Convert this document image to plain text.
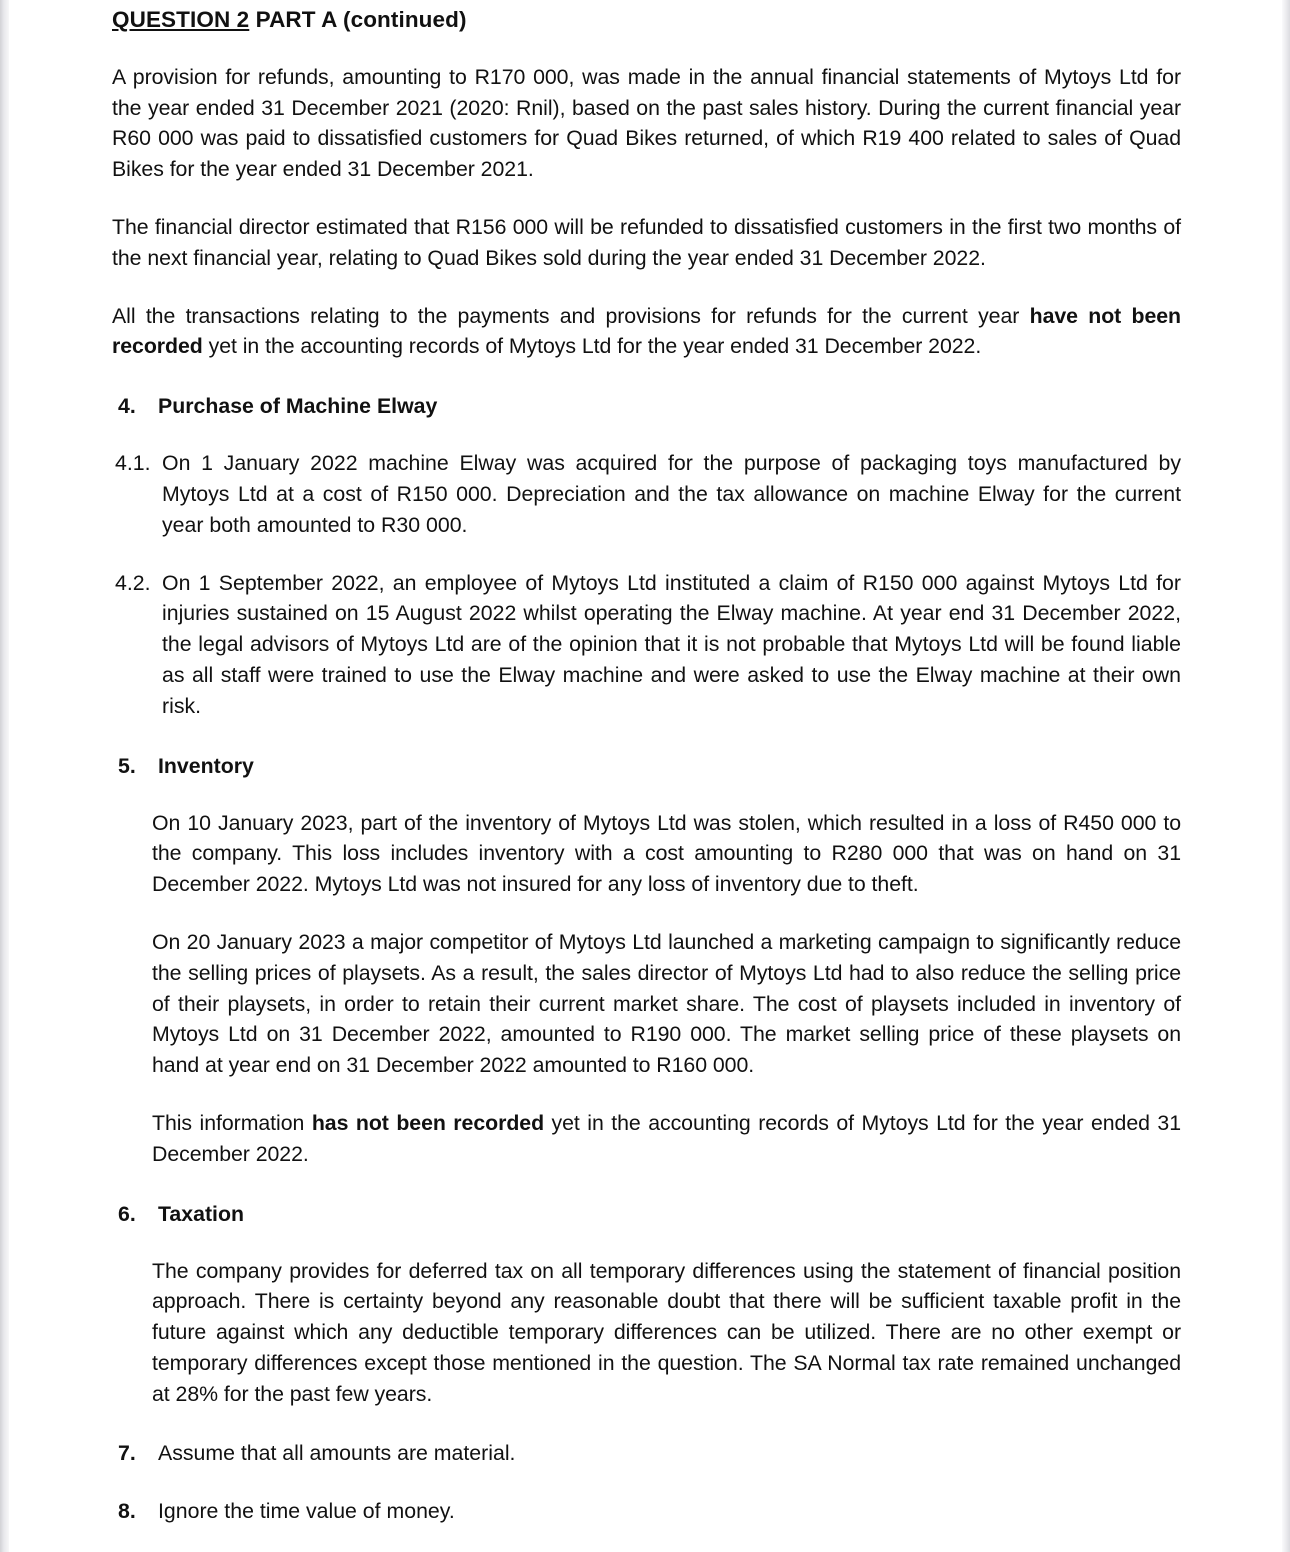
QUESTION 2 PART A (continued)

A provision for refunds, amounting to R170 000, was made in the annual financial statements of Mytoys Ltd for the year ended 31 December 2021 (2020: Rnil), based on the past sales history. During the current financial year R60 000 was paid to dissatisfied customers for Quad Bikes returned, of which R19 400 related to sales of Quad Bikes for the year ended 31 December 2021.

The financial director estimated that R156 000 will be refunded to dissatisfied customers in the first two months of the next financial year, relating to Quad Bikes sold during the year ended 31 December 2022.

All the transactions relating to the payments and provisions for refunds for the current year have not been recorded yet in the accounting records of Mytoys Ltd for the year ended 31 December 2022.

4.	Purchase of Machine Elway
4.1. On 1 January 2022 machine Elway was acquired for the purpose of packaging toys manufactured by Mytoys Ltd at a cost of R150 000. Depreciation and the tax allowance on machine Elway for the current year both amounted to R30 000.
4.2. On 1 September 2022, an employee of Mytoys Ltd instituted a claim of R150 000 against Mytoys Ltd for injuries sustained on 15 August 2022 whilst operating the Elway machine. At year end 31 December 2022, the legal advisors of Mytoys Ltd are of the opinion that it is not probable that Mytoys Ltd will be found liable as all staff were trained to use the Elway machine and were asked to use the Elway machine at their own risk.
5.	Inventory

On 10 January 2023, part of the inventory of Mytoys Ltd was stolen, which resulted in a loss of R450 000 to the company. This loss includes inventory with a cost amounting to R280 000 that was on hand on 31 December 2022. Mytoys Ltd was not insured for any loss of inventory due to theft.

On 20 January 2023 a major competitor of Mytoys Ltd launched a marketing campaign to significantly reduce the selling prices of playsets. As a result, the sales director of Mytoys Ltd had to also reduce the selling price of their playsets, in order to retain their current market share. The cost of playsets included in inventory of Mytoys Ltd on 31 December 2022, amounted to R190 000. The market selling price of these playsets on hand at year end on 31 December 2022 amounted to R160 000.

This information has not been recorded yet in the accounting records of Mytoys Ltd for the year ended 31 December 2022.

6.	Taxation

The company provides for deferred tax on all temporary differences using the statement of financial position approach. There is certainty beyond any reasonable doubt that there will be sufficient taxable profit in the future against which any deductible temporary differences can be utilized. There are no other exempt or temporary differences except those mentioned in the question. The SA Normal tax rate remained unchanged at 28% for the past few years.

7.	Assume that all amounts are material.
8.	Ignore the time value of money.
